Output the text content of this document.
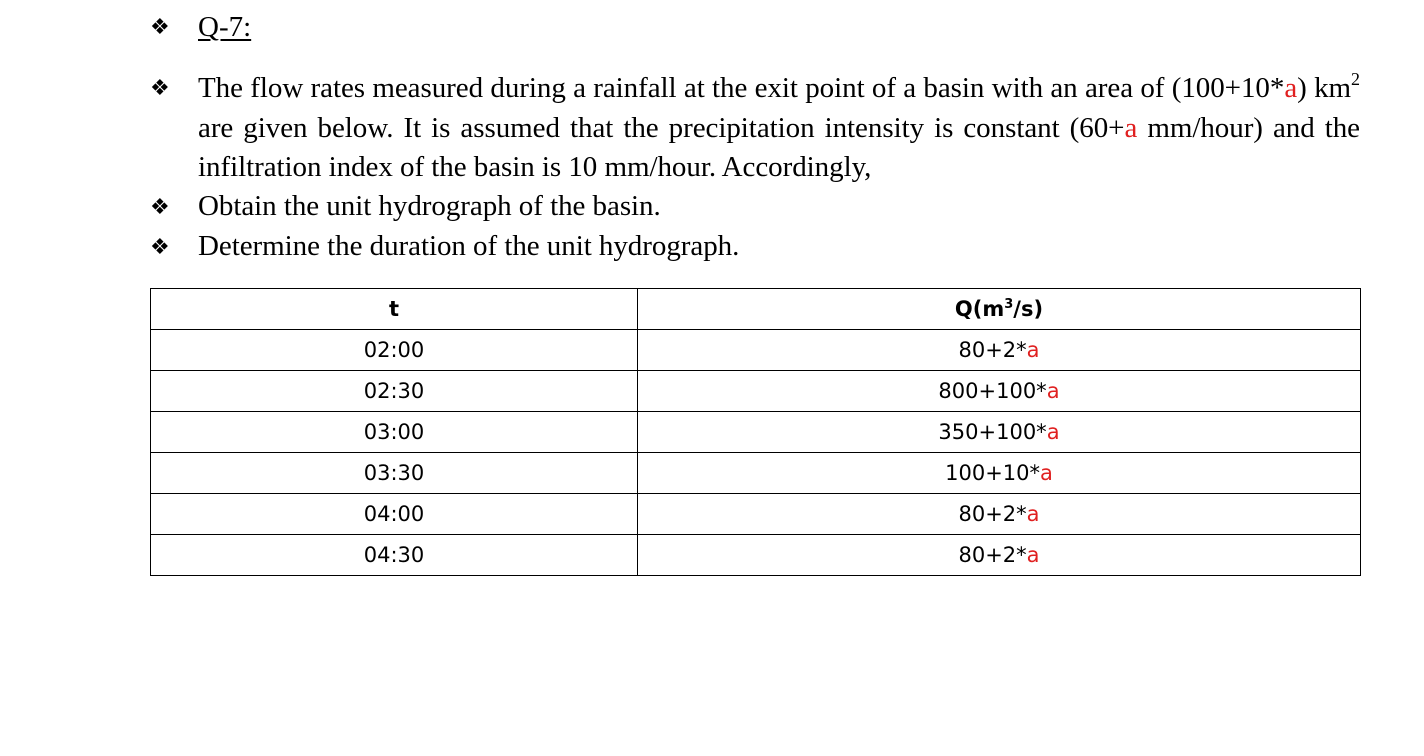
❖ Q-7:
❖ The flow rates measured during a rainfall at the exit point of a basin with an area of (100+10*a) $km^2$ are given below. It is assumed that the precipitation intensity is constant (60+a mm/hour) and the infiltration index of the basin is 10 mm/hour. Accordingly,
❖ Obtain the unit hydrograph of the basin.
❖ Determine the duration of the unit hydrograph.
t	$Q(m^3/s)$
02:00	80+2*a
02:30	800+100*a
03:00	350+100*a
03:30	100+10*a
04:00	80+2*a
04:30	80+2*a
